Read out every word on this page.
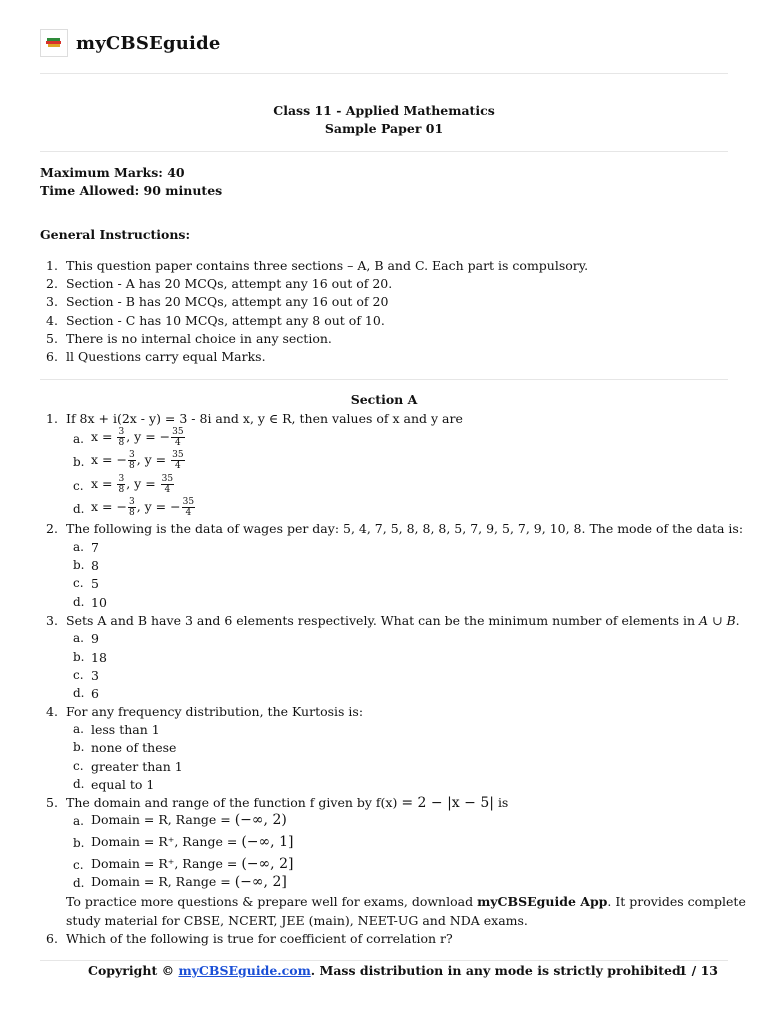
myCBSEguide
Class 11 - Applied Mathematics
Sample Paper 01
Maximum Marks: 40
Time Allowed: 90 minutes
General Instructions:
1. This question paper contains three sections – A, B and C. Each part is compulsory.
2. Section - A has 20 MCQs, attempt any 16 out of 20.
3. Section - B has 20 MCQs, attempt any 16 out of 20
4. Section - C has 10 MCQs, attempt any 8 out of 10.
5. There is no internal choice in any section.
6. ll Questions carry equal Marks.
Section A
1. If 8x + i(2x - y) = 3 - 8i and x, y ∈ R, then values of x and y are
a. $x = \frac{3}{8}$ , y = − $\frac{35}{4}$
b. x = − $\frac{3}{8}$ , $y = \frac{35}{4}$
c. $x = \frac{3}{8}$ , $y = \frac{35}{4}$
d. x = − $\frac{3}{8}$ , y = − $\frac{35}{4}$
2. The following is the data of wages per day: 5, 4, 7, 5, 8, 8, 8, 5, 7, 9, 5, 7, 9, 10, 8. The mode of the data is:
a. 7
b. 8
c. 5
d. 10
3. Sets A and B have 3 and 6 elements respectively. What can be the minimum number of elements in A ∪ B.
a. 9
b. 18
c. 3
d. 6
4. For any frequency distribution, the Kurtosis is:
a. less than 1
b. none of these
c. greater than 1
d. equal to 1
5. The domain and range of the function f given by f(x) = 2 − |x − 5| is
a. Domain = R, Range = (−∞, 2)
b. Domain = R⁺, Range = (−∞, 1]
c. Domain = R⁺, Range = (−∞, 2]
d. Domain = R, Range = (−∞, 2]
To practice more questions & prepare well for exams, download myCBSEguide App. It provides complete
study material for CBSE, NCERT, JEE (main), NEET-UG and NDA exams.
6. Which of the following is true for coefficient of correlation r?
Copyright © myCBSEguide.com. Mass distribution in any mode is strictly prohibited.
1 / 13
